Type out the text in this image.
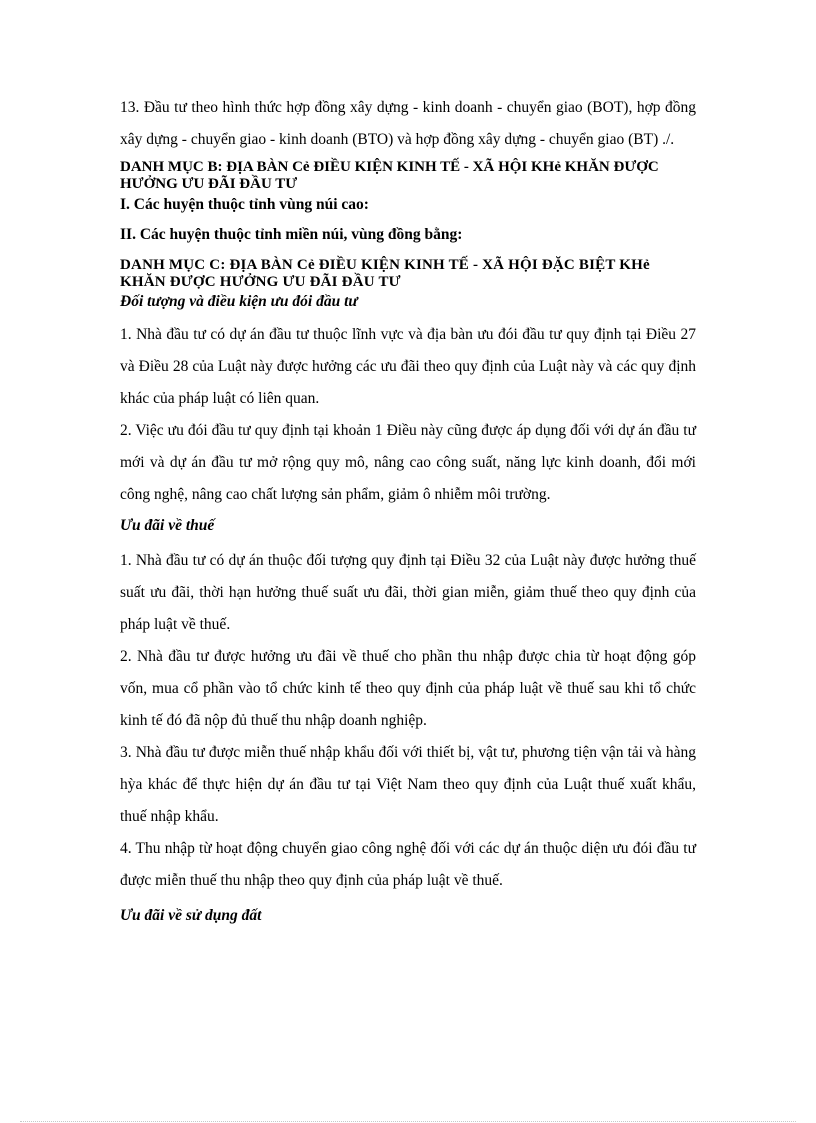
13. Đầu tư theo hình thức hợp đồng xây dựng - kinh doanh - chuyển giao (BOT), hợp đồng xây dựng - chuyển giao - kinh doanh (BTO) và hợp đồng xây dựng - chuyển giao (BT) ./.

DANH MỤC B: ĐỊA BÀN Cẻ ĐIỀU KIỆN KINH TẾ - XÃ HỘI KHẻ KHĂN ĐƯỢC HƯỞNG ƯU ĐÃI ĐẦU TƯ

I. Các huyện thuộc tỉnh vùng núi cao:

II. Các huyện thuộc tỉnh miền núi, vùng đồng bằng:

DANH MỤC C: ĐỊA BÀN Cẻ ĐIỀU KIỆN KINH TẾ - XÃ HỘI ĐẶC BIỆT KHẻ KHĂN ĐƯỢC HƯỞNG ƯU ĐÃI ĐẦU TƯ

Đối tượng và điều kiện ưu đói đầu tư

1. Nhà đầu tư có dự án đầu tư thuộc lĩnh vực và địa bàn ưu đói đầu tư quy định tại Điều 27 và Điều 28 của Luật này được hưởng các ưu đãi theo quy định của Luật này và các quy định khác của pháp luật có liên quan.

2. Việc ưu đói đầu tư quy định tại khoản 1 Điều này cũng được áp dụng đối với dự án đầu tư mới và dự án đầu tư mở rộng quy mô, nâng cao công suất, năng lực kinh doanh, đổi mới công nghệ, nâng cao chất lượng sản phẩm, giảm ô nhiễm môi trường.

Ưu đãi về thuế

1. Nhà đầu tư có dự án thuộc đối tượng quy định tại Điều 32 của Luật này được hưởng thuế suất ưu đãi, thời hạn hưởng thuế suất ưu đãi, thời gian miễn, giảm thuế theo quy định của pháp luật về thuế.

2. Nhà đầu tư được hưởng ưu đãi về thuế cho phần thu nhập được chia từ hoạt động góp vốn, mua cổ phần vào tổ chức kinh tế theo quy định của pháp luật về thuế sau khi tổ chức kinh tế đó đã nộp đủ thuế thu nhập doanh nghiệp.

3. Nhà đầu tư được miễn thuế nhập khẩu đối với thiết bị, vật tư, phương tiện vận tải và hàng hỳa khác để thực hiện dự án đầu tư tại Việt Nam theo quy định của Luật thuế xuất khẩu, thuế nhập khẩu.

4. Thu nhập từ hoạt động chuyển giao công nghệ đối với các dự án thuộc diện ưu đói đầu tư được miễn thuế thu nhập theo quy định của pháp luật về thuế.

Ưu đãi về sử dụng đất
